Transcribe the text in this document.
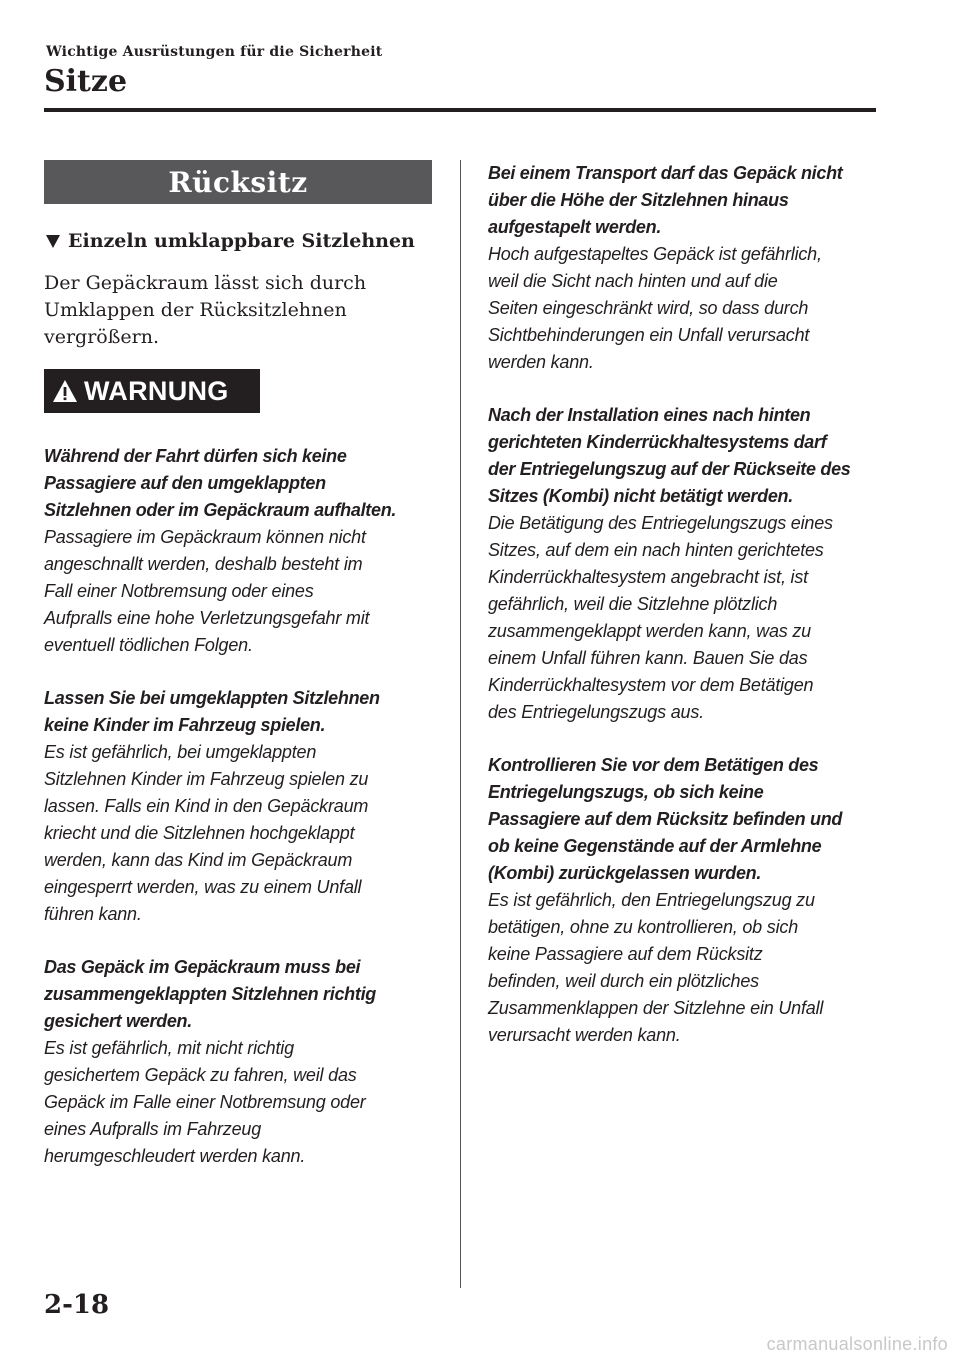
Wichtige Ausrüstungen für die Sicherheit
Sitze
Rücksitz
Einzeln umklappbare Sitzlehnen
Der Gepäckraum lässt sich durch
Umklappen der Rücksitzlehnen
vergrößern.
WARNUNG
Während der Fahrt dürfen sich keine
Passagiere auf den umgeklappten
Sitzlehnen oder im Gepäckraum aufhalten.
Passagiere im Gepäckraum können nicht
angeschnallt werden, deshalb besteht im
Fall einer Notbremsung oder eines
Aufpralls eine hohe Verletzungsgefahr mit
eventuell tödlichen Folgen.
Lassen Sie bei umgeklappten Sitzlehnen
keine Kinder im Fahrzeug spielen.
Es ist gefährlich, bei umgeklappten
Sitzlehnen Kinder im Fahrzeug spielen zu
lassen. Falls ein Kind in den Gepäckraum
kriecht und die Sitzlehnen hochgeklappt
werden, kann das Kind im Gepäckraum
eingesperrt werden, was zu einem Unfall
führen kann.
Das Gepäck im Gepäckraum muss bei
zusammengeklappten Sitzlehnen richtig
gesichert werden.
Es ist gefährlich, mit nicht richtig
gesichertem Gepäck zu fahren, weil das
Gepäck im Falle einer Notbremsung oder
eines Aufpralls im Fahrzeug
herumgeschleudert werden kann.
Bei einem Transport darf das Gepäck nicht
über die Höhe der Sitzlehnen hinaus
aufgestapelt werden.
Hoch aufgestapeltes Gepäck ist gefährlich,
weil die Sicht nach hinten und auf die
Seiten eingeschränkt wird, so dass durch
Sichtbehinderungen ein Unfall verursacht
werden kann.
Nach der Installation eines nach hinten
gerichteten Kinderrückhaltesystems darf
der Entriegelungszug auf der Rückseite des
Sitzes (Kombi) nicht betätigt werden.
Die Betätigung des Entriegelungszugs eines
Sitzes, auf dem ein nach hinten gerichtetes
Kinderrückhaltesystem angebracht ist, ist
gefährlich, weil die Sitzlehne plötzlich
zusammengeklappt werden kann, was zu
einem Unfall führen kann. Bauen Sie das
Kinderrückhaltesystem vor dem Betätigen
des Entriegelungszugs aus.
Kontrollieren Sie vor dem Betätigen des
Entriegelungszugs, ob sich keine
Passagiere auf dem Rücksitz befinden und
ob keine Gegenstände auf der Armlehne
(Kombi) zurückgelassen wurden.
Es ist gefährlich, den Entriegelungszug zu
betätigen, ohne zu kontrollieren, ob sich
keine Passagiere auf dem Rücksitz
befinden, weil durch ein plötzliches
Zusammenklappen der Sitzlehne ein Unfall
verursacht werden kann.
2-18
carmanualsonline.info
